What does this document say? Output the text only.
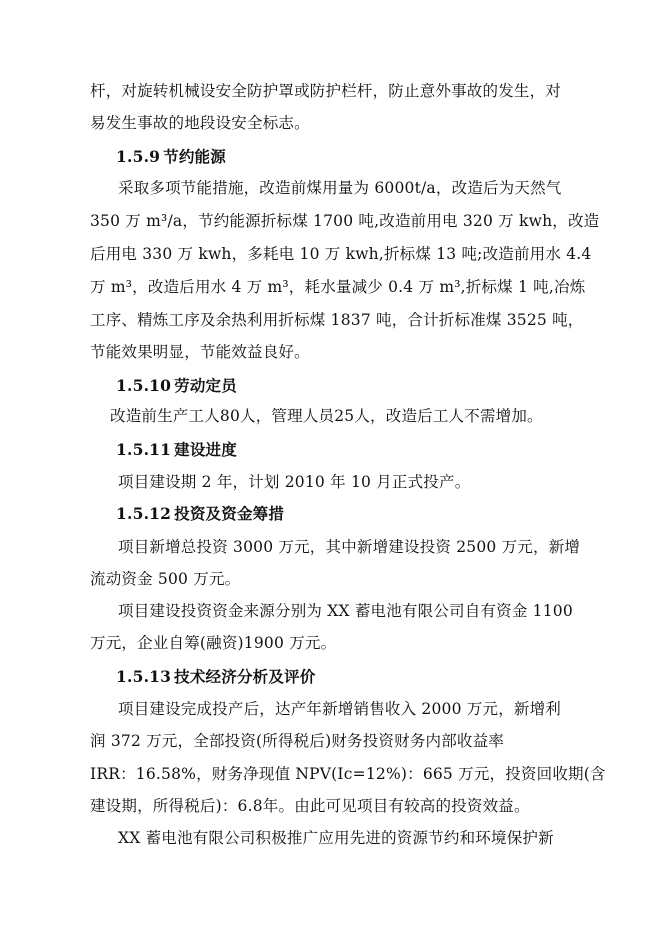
杆，对旋转机械设安全防护罩或防护栏杆，防止意外事故的发生，对
易发生事故的地段设安全标志。
1.5.9 节约能源
采取多项节能措施，改造前煤用量为 6000t/a，改造后为天然气
350 万 m³/a，节约能源折标煤 1700 吨,改造前用电 320 万 kwh，改造
后用电 330 万 kwh，多耗电 10 万 kwh,折标煤 13 吨;改造前用水 4.4
万 m³，改造后用水 4 万 m³，耗水量减少 0.4 万 m³,折标煤 1 吨,冶炼
工序、精炼工序及余热利用折标煤 1837 吨，合计折标准煤 3525 吨，
节能效果明显，节能效益良好。
1.5.10 劳动定员
改造前生产工人80人，管理人员25人，改造后工人不需增加。
1.5.11 建设进度
项目建设期 2 年，计划 2010 年 10 月正式投产。
1.5.12 投资及资金筹措
项目新增总投资 3000 万元，其中新增建设投资 2500 万元，新增
流动资金 500 万元。
项目建设投资资金来源分别为 XX 蓄电池有限公司自有资金 1100
万元，企业自筹(融资)1900 万元。
1.5.13 技术经济分析及评价
项目建设完成投产后，达产年新增销售收入 2000 万元，新增利
润 372 万元，全部投资(所得税后)财务投资财务内部收益率
IRR：16.58%，财务净现值 NPV(Ic=12%)：665 万元，投资回收期(含
建设期，所得税后)：6.8年。由此可见项目有较高的投资效益。
XX 蓄电池有限公司积极推广应用先进的资源节约和环境保护新
